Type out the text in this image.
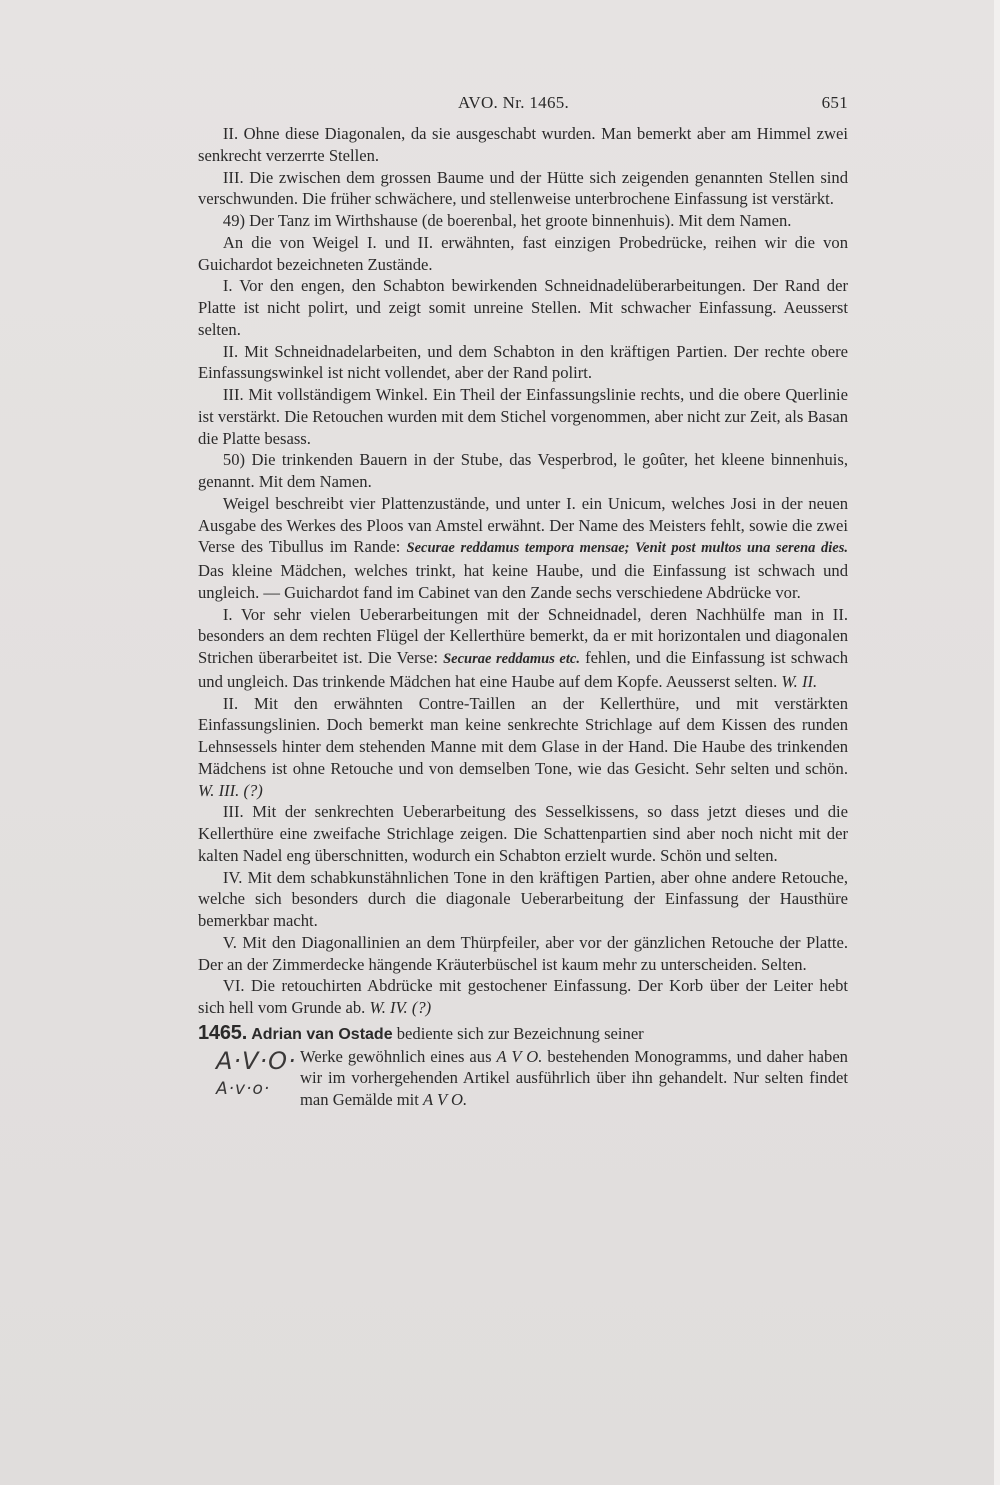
AVO. Nr. 1465.	651

II. Ohne diese Diagonalen, da sie ausgeschabt wurden. Man bemerkt aber am Himmel zwei senkrecht verzerrte Stellen.

III. Die zwischen dem grossen Baume und der Hütte sich zeigenden genannten Stellen sind verschwunden. Die früher schwächere, und stellenweise unterbrochene Einfassung ist verstärkt.

49) Der Tanz im Wirthshause (de boerenbal, het groote binnenhuis). Mit dem Namen.

An die von Weigel I. und II. erwähnten, fast einzigen Probedrücke, reihen wir die von Guichardot bezeichneten Zustände.

I. Vor den engen, den Schabton bewirkenden Schneidnadelüberarbeitungen. Der Rand der Platte ist nicht polirt, und zeigt somit unreine Stellen. Mit schwacher Einfassung. Aeusserst selten.

II. Mit Schneidnadelarbeiten, und dem Schabton in den kräftigen Partien. Der rechte obere Einfassungswinkel ist nicht vollendet, aber der Rand polirt.

III. Mit vollständigem Winkel. Ein Theil der Einfassungslinie rechts, und die obere Querlinie ist verstärkt. Die Retouchen wurden mit dem Stichel vorgenommen, aber nicht zur Zeit, als Basan die Platte besass.

50) Die trinkenden Bauern in der Stube, das Vesperbrod, le goûter, het kleene binnenhuis, genannt. Mit dem Namen.

Weigel beschreibt vier Plattenzustände, und unter I. ein Unicum, welches Josi in der neuen Ausgabe des Werkes des Ploos van Amstel erwähnt. Der Name des Meisters fehlt, sowie die zwei Verse des Tibullus im Rande: Securae reddamus tempora mensae; Venit post multos una serena dies. Das kleine Mädchen, welches trinkt, hat keine Haube, und die Einfassung ist schwach und ungleich. — Guichardot fand im Cabinet van den Zande sechs verschiedene Abdrücke vor.

I. Vor sehr vielen Ueberarbeitungen mit der Schneidnadel, deren Nachhülfe man in II. besonders an dem rechten Flügel der Kellerthüre bemerkt, da er mit horizontalen und diagonalen Strichen überarbeitet ist. Die Verse: Securae reddamus etc. fehlen, und die Einfassung ist schwach und ungleich. Das trinkende Mädchen hat eine Haube auf dem Kopfe. Aeusserst selten. W. II.

II. Mit den erwähnten Contre-Taillen an der Kellerthüre, und mit verstärkten Einfassungslinien. Doch bemerkt man keine senkrechte Strichlage auf dem Kissen des runden Lehnsessels hinter dem stehenden Manne mit dem Glase in der Hand. Die Haube des trinkenden Mädchens ist ohne Retouche und von demselben Tone, wie das Gesicht. Sehr selten und schön. W. III. (?)

III. Mit der senkrechten Ueberarbeitung des Sesselkissens, so dass jetzt dieses und die Kellerthüre eine zweifache Strichlage zeigen. Die Schattenpartien sind aber noch nicht mit der kalten Nadel eng überschnitten, wodurch ein Schabton erzielt wurde. Schön und selten.

IV. Mit dem schabkunstähnlichen Tone in den kräftigen Partien, aber ohne andere Retouche, welche sich besonders durch die diagonale Ueberarbeitung der Einfassung der Hausthüre bemerkbar macht.

V. Mit den Diagonallinien an dem Thürpfeiler, aber vor der gänzlichen Retouche der Platte. Der an der Zimmerdecke hängende Kräuterbüschel ist kaum mehr zu unterscheiden. Selten.

VI. Die retouchirten Abdrücke mit gestochener Einfassung. Der Korb über der Leiter hebt sich hell vom Grunde ab. W. IV. (?)

1465. Adrian van Ostade bediente sich zur Bezeichnung seiner
A·V·O·
A·v·o·
Werke gewöhnlich eines aus A V O. bestehenden Monogramms, und daher haben wir im vorhergehenden Artikel ausführlich über ihn gehandelt. Nur selten findet man Gemälde mit A V O.
